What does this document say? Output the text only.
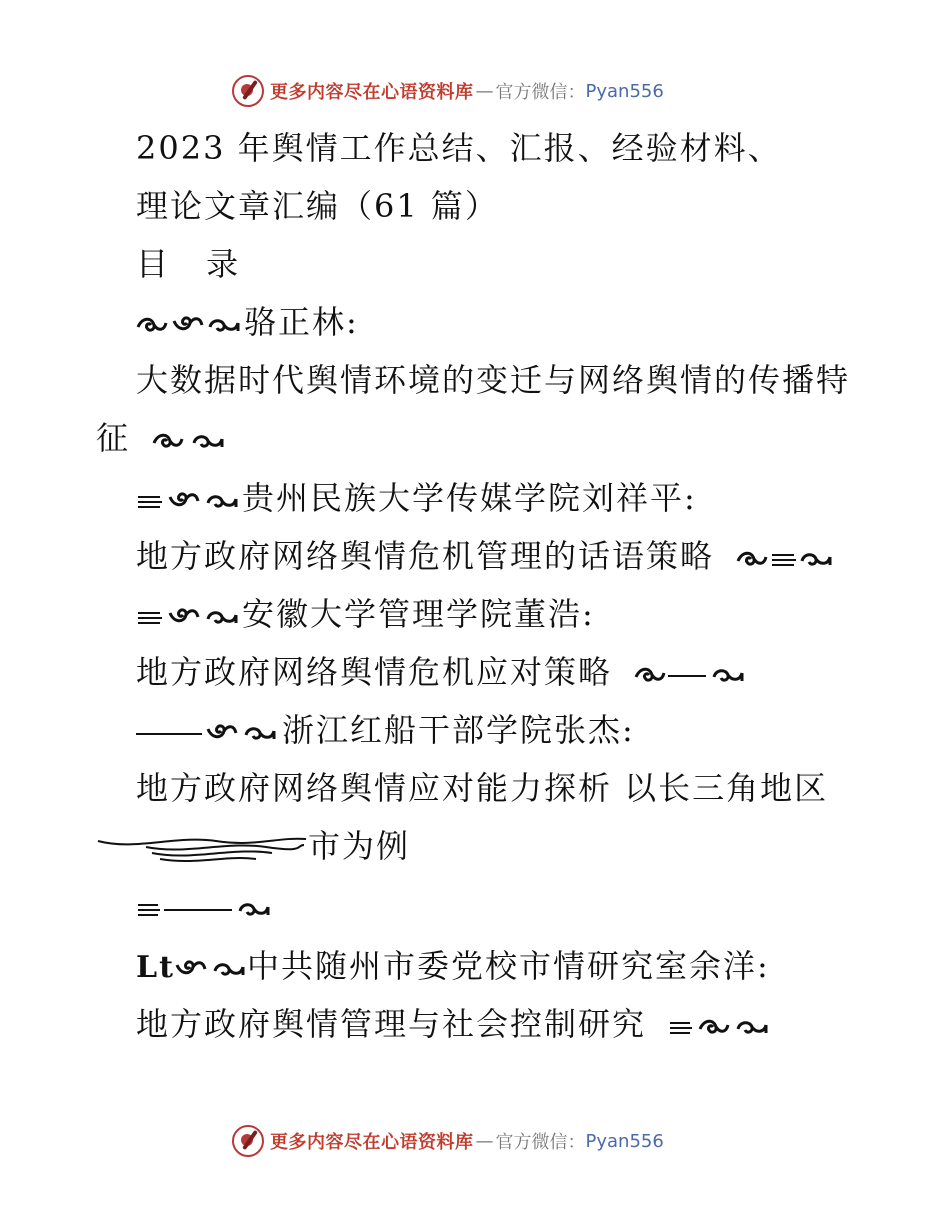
更多内容尽在心语资料库 — 官方微信： Pyan556
2023 年舆情工作总结、汇报、经验材料、
理论文章汇编（61 篇）
目 录
骆正林:
大数据时代舆情环境的变迁与网络舆情的传播特
征
贵州民族大学传媒学院刘祥平:
地方政府网络舆情危机管理的话语策略
安徽大学管理学院董浩:
地方政府网络舆情危机应对策略
浙江红船干部学院张杰:
地方政府网络舆情应对能力探析 以长三角地区
市为例
Lt 中共随州市委党校市情研究室余洋:
地方政府舆情管理与社会控制研究
更多内容尽在心语资料库 — 官方微信： Pyan556
